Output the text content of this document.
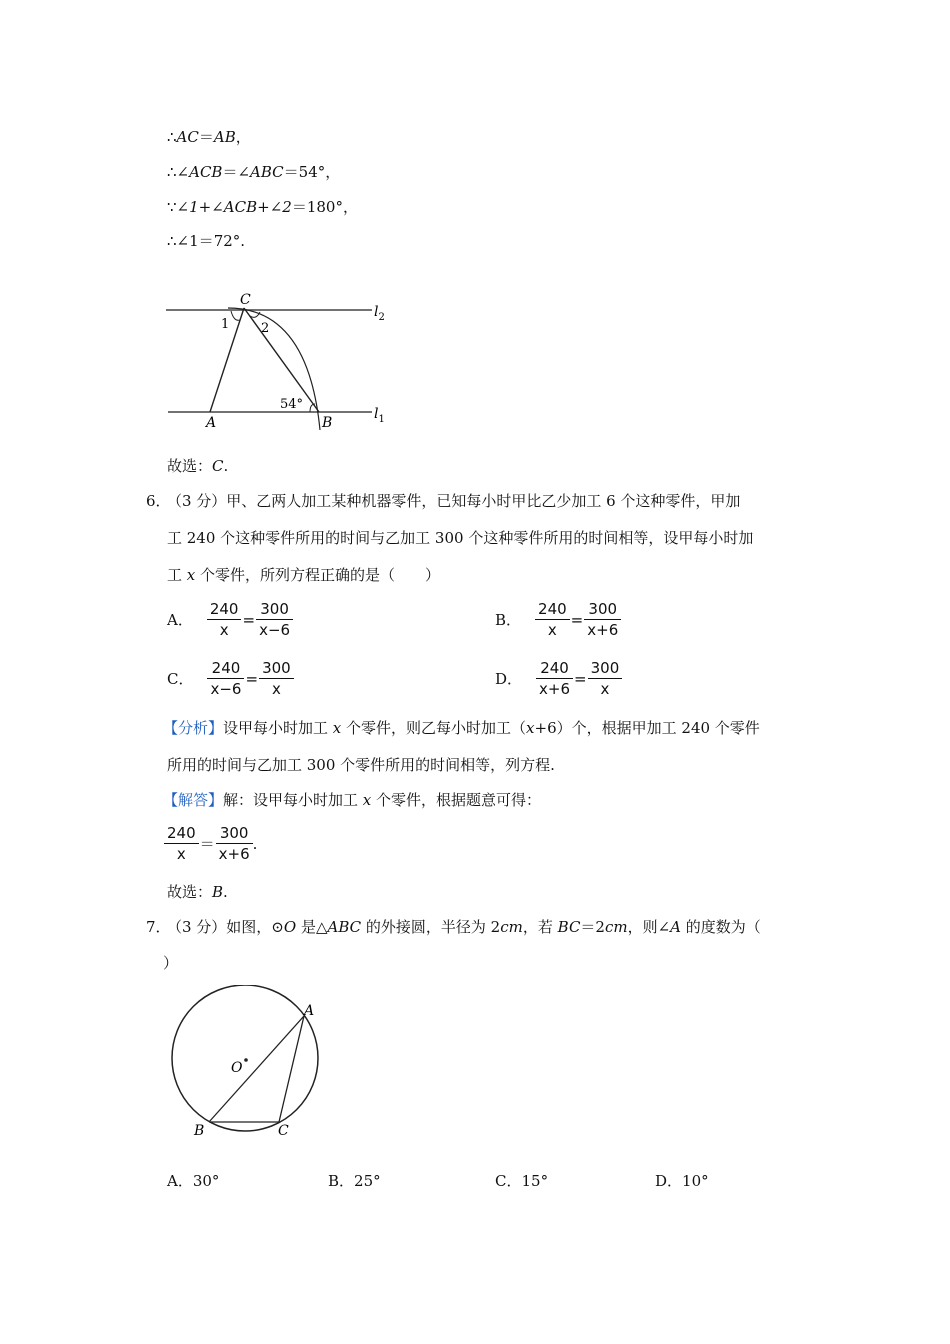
∴AC＝AB，
∴∠ACB＝∠ABC＝54°，
∵∠1+∠ACB+∠2＝180°，
∴∠1＝72°.
C
1 2
54°
A	B
$l_1$
$l_2$
故选：C.
6．
（3 分）甲、乙两人加工某种机器零件，已知每小时甲比乙少加工 6 个这种零件，甲加
工 240 个这种零件所用的时间与乙加工 300 个这种零件所用的时间相等，设甲每小时加
工 x 个零件，所列方程正确的是（　　）
A． $\frac{240}{x} = \frac{300}{x-6}$	B． $\frac{240}{x} = \frac{300}{x+6}$
C． $\frac{240}{x-6} = \frac{300}{x}$	D． $\frac{240}{x+6} = \frac{300}{x}$
【分析】设甲每小时加工 x 个零件，则乙每小时加工（x+6）个，根据甲加工 240 个零件
所用的时间与乙加工 300 个零件所用的时间相等，列方程.
【解答】解：设甲每小时加工 x 个零件，根据题意可得：
$\frac{240}{x} = \frac{300}{x+6}$ .
故选：B.
7．
（3 分）如图，⊙O 是△ABC 的外接圆，半径为 2cm，若 BC＝2cm，则∠A 的度数为（
）
A
B	C
O
A．30°	B．25°	C．15°	D．10°
